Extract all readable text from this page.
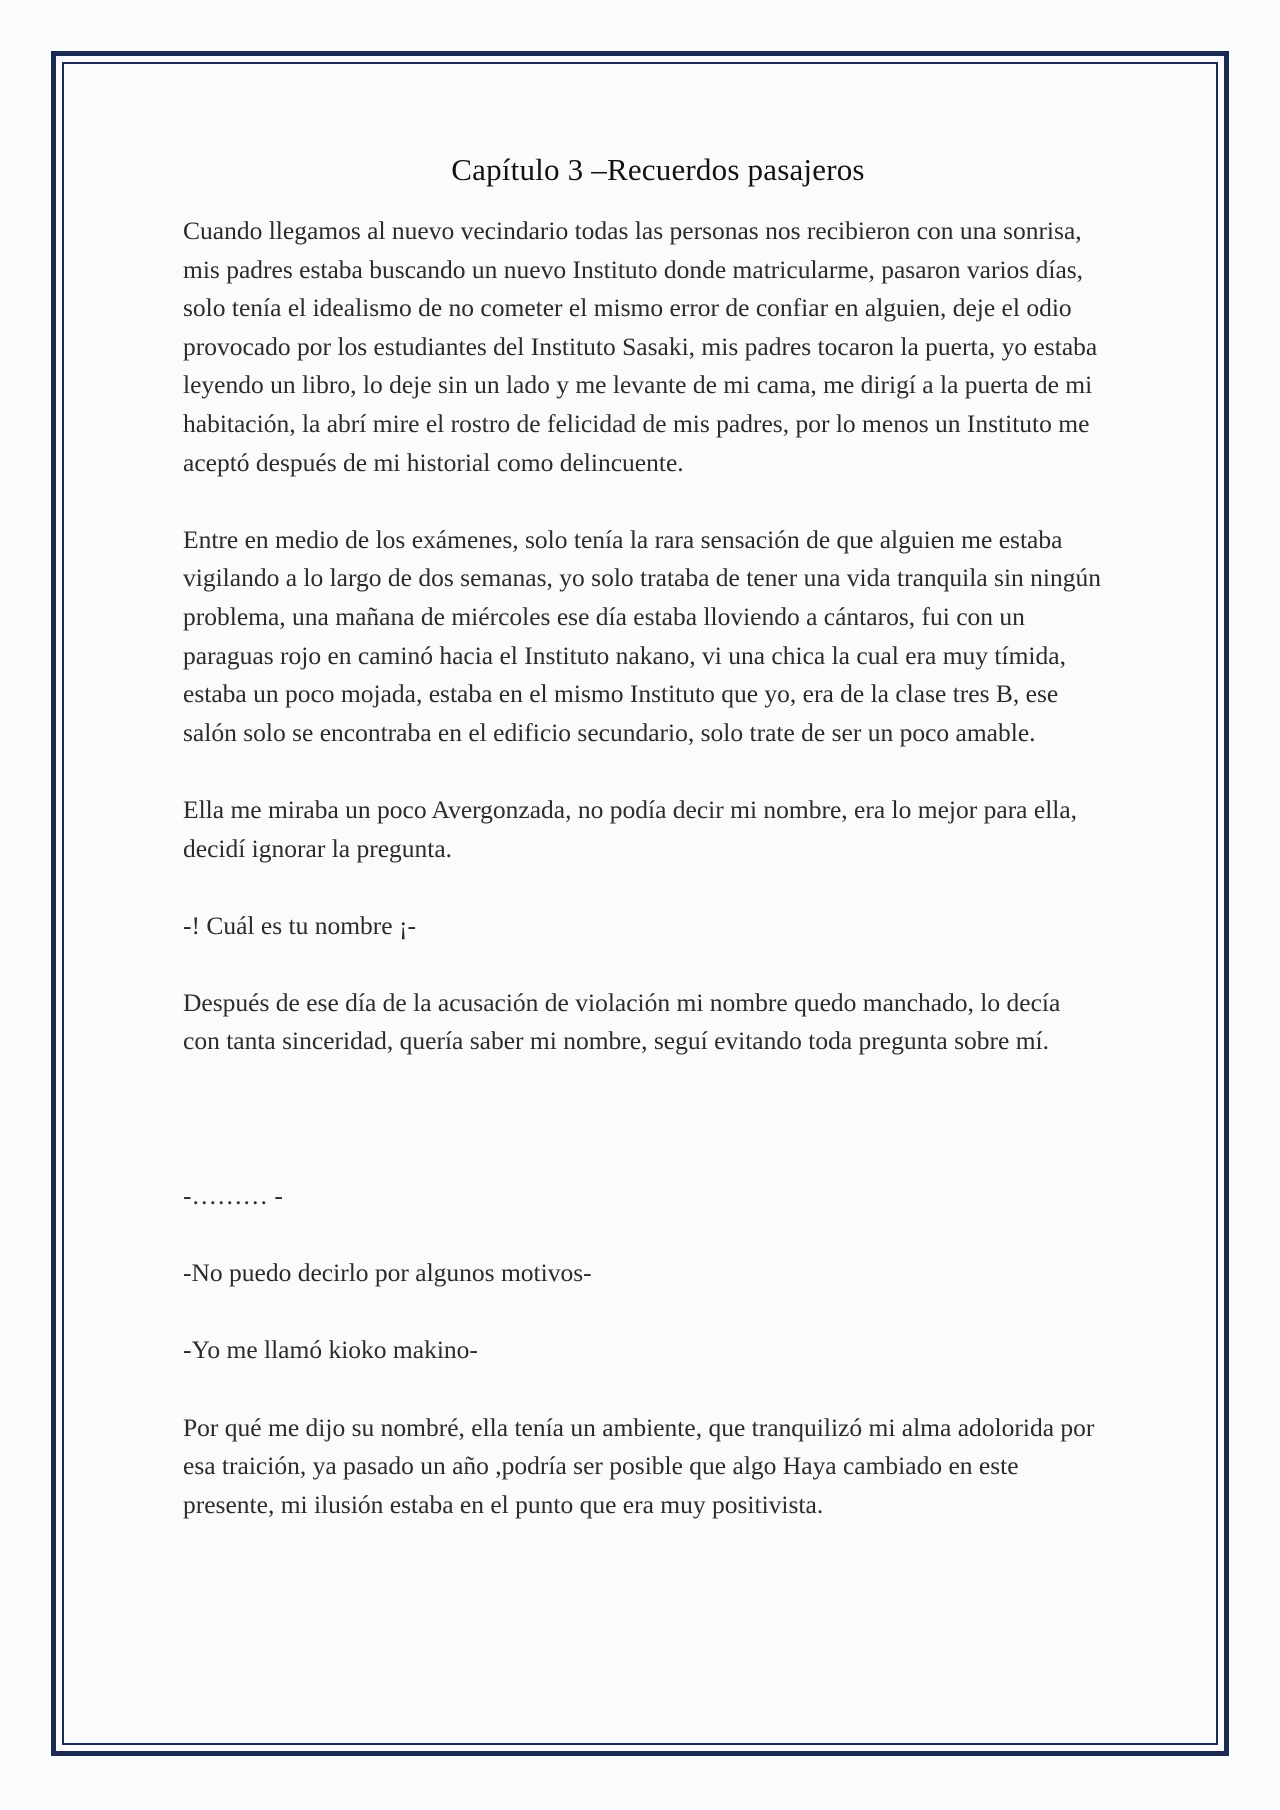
Capítulo 3 –Recuerdos pasajeros

Cuando llegamos al nuevo vecindario todas las personas nos recibieron con una sonrisa, mis padres estaba buscando un nuevo Instituto donde matricularme, pasaron varios días, solo tenía el idealismo de no cometer el mismo error de confiar en alguien, deje el odio provocado por los estudiantes del Instituto Sasaki, mis padres tocaron la puerta, yo estaba leyendo un libro, lo deje sin un lado y me levante de mi cama, me dirigí a la puerta de mi habitación, la abrí mire el rostro de felicidad de mis padres, por lo menos un Instituto me aceptó después de mi historial como delincuente.

Entre en medio de los exámenes, solo tenía la rara sensación de que alguien me estaba vigilando a lo largo de dos semanas, yo solo trataba de tener una vida tranquila sin ningún problema, una mañana de miércoles ese día estaba lloviendo a cántaros, fui con un paraguas rojo en caminó hacia el Instituto nakano, vi una chica la cual era muy tímida, estaba un poco mojada, estaba en el mismo Instituto que yo, era de la clase tres B, ese salón solo se encontraba en el edificio secundario, solo trate de ser un poco amable.

Ella me miraba un poco Avergonzada, no podía decir mi nombre, era lo mejor para ella, decidí ignorar la pregunta.

-! Cuál es tu nombre ¡-

Después de ese día de la acusación de violación mi nombre quedo manchado, lo decía con tanta sinceridad, quería saber mi nombre, seguí evitando toda pregunta sobre mí.

-……… -

-No puedo decirlo por algunos motivos-

-Yo me llamó kioko makino-

Por qué me dijo su nombré, ella tenía un ambiente, que tranquilizó mi alma adolorida por esa traición, ya pasado un año ,podría ser posible que algo Haya cambiado en este presente, mi ilusión estaba en el punto que era muy positivista.
